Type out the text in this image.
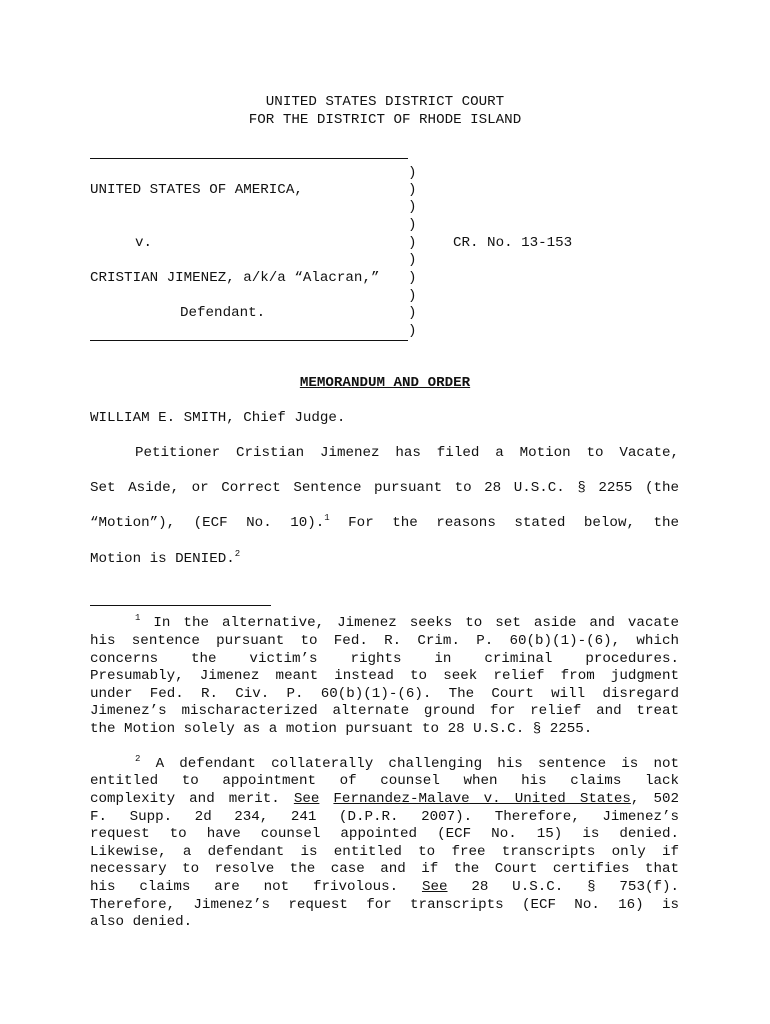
UNITED STATES DISTRICT COURT
FOR THE DISTRICT OF RHODE ISLAND
)
)
)
)
)
)
)
)
)
)
UNITED STATES OF AMERICA,
v.	CR. No. 13-153
CRISTIAN JIMENEZ, a/k/a “Alacran,”
Defendant.
MEMORANDUM AND ORDER
WILLIAM E. SMITH, Chief Judge.
Petitioner Cristian Jimenez has filed a Motion to Vacate,
Set Aside, or Correct Sentence pursuant to 28 U.S.C. § 2255 (the
“Motion”), (ECF No. 10).$^1$ For the reasons stated below, the
Motion is DENIED.$^2$
$^1$ In the alternative, Jimenez seeks to set aside and vacate
his sentence pursuant to Fed. R. Crim. P. 60(b)(1)-(6), which
concerns the victim’s rights in criminal procedures.
Presumably, Jimenez meant instead to seek relief from judgment
under Fed. R. Civ. P. 60(b)(1)-(6). The Court will disregard
Jimenez’s mischaracterized alternate ground for relief and treat
the Motion solely as a motion pursuant to 28 U.S.C. § 2255.
$^2$ A defendant collaterally challenging his sentence is not
entitled to appointment of counsel when his claims lack
complexity and merit. See Fernandez-Malave v. United States, 502
F. Supp. 2d 234, 241 (D.P.R. 2007). Therefore, Jimenez’s
request to have counsel appointed (ECF No. 15) is denied.
Likewise, a defendant is entitled to free transcripts only if
necessary to resolve the case and if the Court certifies that
his claims are not frivolous. See 28 U.S.C. § 753(f).
Therefore, Jimenez’s request for transcripts (ECF No. 16) is
also denied.
